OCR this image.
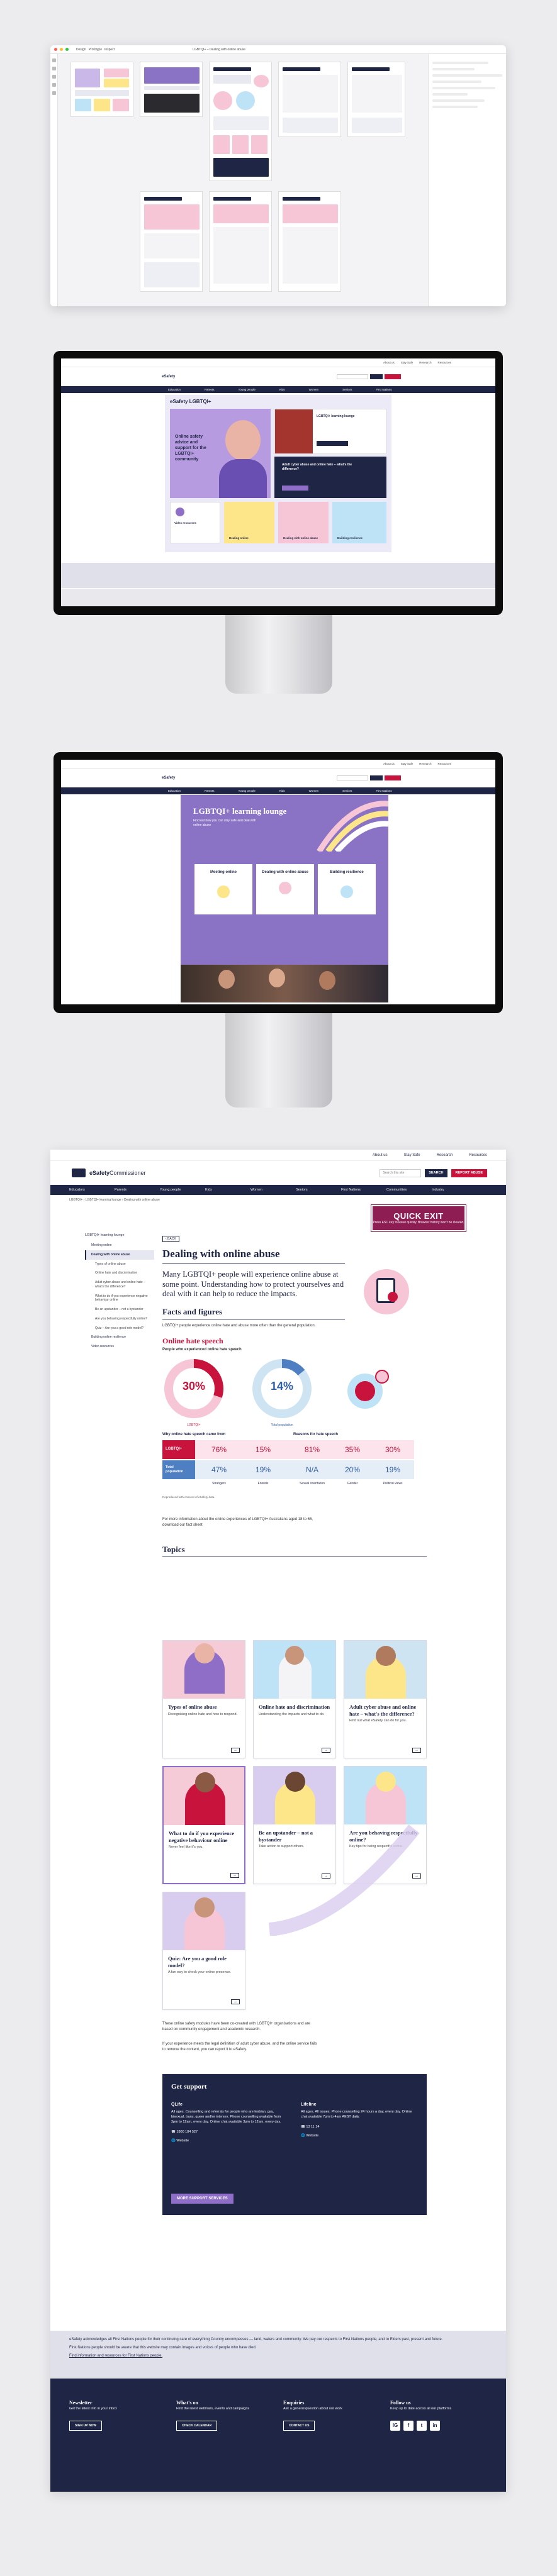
Design Prototype Inspect	LGBTQI+ – Dealing with online abuse
About us Stay Safe Research Resources
eSafety
Education	Parents	Young people	Kids	Women	Seniors	First Nations
eSafety LGBTQI+
Online safety advice and support for the LGBTQI+ community
LGBTQI+ learning lounge
Adult cyber abuse and online hate – what's the difference?
Video resources
Dealing online	Dealing with online abuse	Building resilience
About us Stay Safe Research Resources
eSafety
Education	Parents	Young people	Kids	Women	Seniors	First Nations
LGBTQI+ learning lounge
Find out how you can stay safe and deal with online abuse
Meeting online	Dealing with online abuse	Building resilience
About us	Stay Safe	Research	Resources
eSafetyCommissioner
Search this site	SEARCH	REPORT ABUSE
Educators	Parents	Young people	Kids	Women	Seniors	First Nations	Communities	Industry
LGBTQI+ › LGBTQI+ learning lounge › Dealing with online abuse
QUICK EXIT
Press ESC key to leave quickly. Browser history won't be cleared.
LGBTQI+ learning lounge
Meeting online
Dealing with online abuse
Types of online abuse
Online hate and discrimination
Adult cyber abuse and online hate – what's the difference?
What to do if you experience negative behaviour online
Be an upstander – not a bystander
Are you behaving respectfully online?
Quiz – Are you a good role model?
Building online resilience
Video resources
‹ BACK
Dealing with online abuse
Many LGBTQI+ people will experience online abuse at some point. Understanding how to protect yourselves and deal with it can help to reduce the impacts.
Facts and figures
LGBTQI+ people experience online hate and abuse more often than the general population.
Online hate speech
People who experienced online hate speech
30%
LGBTQI+
14%
Total population
Why online hate speech came from	Reasons for hate speech
LGBTQI+	76%	15%	81%	35%	30%
Total population	47%	19%	N/A	20%	19%
Strangers	Friends	Sexual orientation	Gender	Political views
Reproduced with consent of eSafety data.
For more information about the online experiences of LGBTQI+ Australians aged 18 to 65, download our fact sheet
Topics
Types of online abuse
Recognising online hate and how to respond.
→
Online hate and discrimination
Understanding the impacts and what to do.
→
Adult cyber abuse and online hate – what's the difference?
Find out what eSafety can do for you.
→
What to do if you experience negative behaviour online
Never feel like it's you.
→
Be an upstander – not a bystander
Take action to support others.
→
Are you behaving respectfully online?
Key tips for being respectful online.
→
Quiz: Are you a good role model?
A fun way to check your online presence.
→
These online safety modules have been co-created with LGBTQI+ organisations and are based on community engagement and academic research.
If your experience meets the legal definition of adult cyber abuse, and the online service fails to remove the content, you can report it to eSafety.
Get support
QLife
All ages. Counselling and referrals for people who are lesbian, gay, bisexual, trans, queer and/or intersex. Phone counselling available from 3pm to 12am, every day. Online chat available 3pm to 12am, every day.
☎ 1800 184 527
🌐 Website
Lifeline
All ages. All issues. Phone counselling 24 hours a day, every day. Online chat available 7pm to 4am AEST daily.
☎ 13 11 14
🌐 Website
MORE SUPPORT SERVICES
eSafety acknowledges all First Nations people for their continuing care of everything Country encompasses — land, waters and community. We pay our respects to First Nations people, and to Elders past, present and future.
First Nations people should be aware that this website may contain images and voices of people who have died.
Find information and resources for First Nations people.
Newsletter
Get the latest info in your inbox
SIGN UP NOW
What's on
Find the latest webinars, events and campaigns
CHECK CALENDAR
Enquiries
Ask a general question about our work
CONTACT US
Follow us
Keep up to date across all our platforms
IG f t in
